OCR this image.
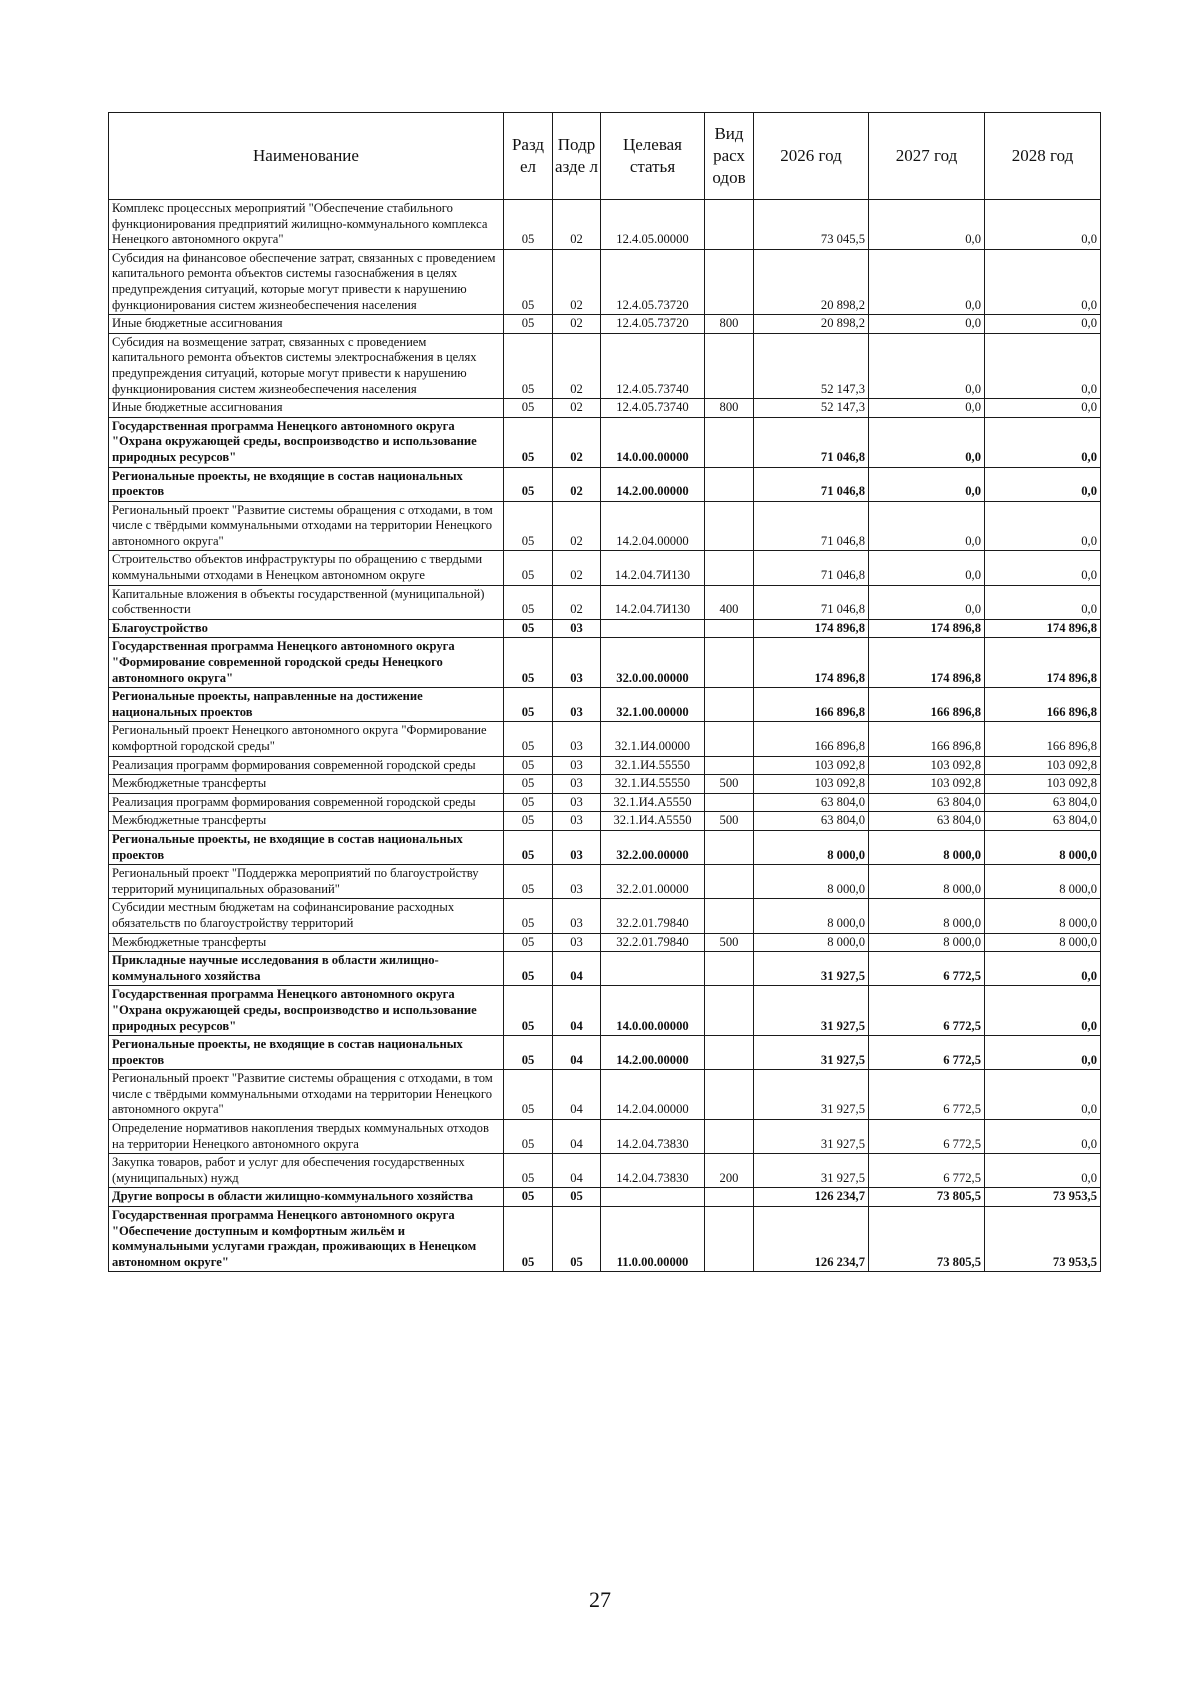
Наименование	Разд ел	Подр азде л	Целевая статья	Вид расх одов	2026 год	2027 год	2028 год
Комплекс процессных мероприятий "Обеспечение стабильного функционирования предприятий жилищно-коммунального комплекса Ненецкого автономного округа"	05	02	12.4.05.00000		73 045,5	0,0	0,0
Субсидия на финансовое обеспечение затрат, связанных с проведением капитального ремонта объектов системы газоснабжения в целях предупреждения ситуаций, которые могут привести к нарушению функционирования систем жизнеобеспечения населения	05	02	12.4.05.73720		20 898,2	0,0	0,0
Иные бюджетные ассигнования	05	02	12.4.05.73720	800	20 898,2	0,0	0,0
Субсидия на возмещение затрат, связанных с проведением капитального ремонта объектов системы электроснабжения в целях предупреждения ситуаций, которые могут привести к нарушению функционирования систем жизнеобеспечения населения	05	02	12.4.05.73740		52 147,3	0,0	0,0
Иные бюджетные ассигнования	05	02	12.4.05.73740	800	52 147,3	0,0	0,0
Государственная программа Ненецкого автономного округа "Охрана окружающей среды, воспроизводство и использование природных ресурсов"	05	02	14.0.00.00000		71 046,8	0,0	0,0
Региональные проекты, не входящие в состав национальных проектов	05	02	14.2.00.00000		71 046,8	0,0	0,0
Региональный проект "Развитие системы обращения с отходами, в том числе с твёрдыми коммунальными отходами на территории Ненецкого автономного округа"	05	02	14.2.04.00000		71 046,8	0,0	0,0
Строительство объектов инфраструктуры по обращению с твердыми коммунальными отходами в Ненецком автономном округе	05	02	14.2.04.7И130		71 046,8	0,0	0,0
Капитальные вложения в объекты государственной (муниципальной) собственности	05	02	14.2.04.7И130	400	71 046,8	0,0	0,0
Благоустройство	05	03			174 896,8	174 896,8	174 896,8
Государственная программа Ненецкого автономного округа "Формирование современной городской среды Ненецкого автономного округа"	05	03	32.0.00.00000		174 896,8	174 896,8	174 896,8
Региональные проекты, направленные на достижение национальных проектов	05	03	32.1.00.00000		166 896,8	166 896,8	166 896,8
Региональный проект Ненецкого автономного округа "Формирование комфортной городской среды"	05	03	32.1.И4.00000		166 896,8	166 896,8	166 896,8
Реализация программ формирования современной городской среды	05	03	32.1.И4.55550		103 092,8	103 092,8	103 092,8
Межбюджетные трансферты	05	03	32.1.И4.55550	500	103 092,8	103 092,8	103 092,8
Реализация программ формирования современной городской среды	05	03	32.1.И4.А5550		63 804,0	63 804,0	63 804,0
Межбюджетные трансферты	05	03	32.1.И4.А5550	500	63 804,0	63 804,0	63 804,0
Региональные проекты, не входящие в состав национальных проектов	05	03	32.2.00.00000		8 000,0	8 000,0	8 000,0
Региональный проект "Поддержка мероприятий по благоустройству территорий муниципальных образований"	05	03	32.2.01.00000		8 000,0	8 000,0	8 000,0
Субсидии местным бюджетам на софинансирование расходных обязательств по благоустройству территорий	05	03	32.2.01.79840		8 000,0	8 000,0	8 000,0
Межбюджетные трансферты	05	03	32.2.01.79840	500	8 000,0	8 000,0	8 000,0
Прикладные научные исследования в области жилищно-коммунального хозяйства	05	04			31 927,5	6 772,5	0,0
Государственная программа Ненецкого автономного округа "Охрана окружающей среды, воспроизводство и использование природных ресурсов"	05	04	14.0.00.00000		31 927,5	6 772,5	0,0
Региональные проекты, не входящие в состав национальных проектов	05	04	14.2.00.00000		31 927,5	6 772,5	0,0
Региональный проект "Развитие системы обращения с отходами, в том числе с твёрдыми коммунальными отходами на территории Ненецкого автономного округа"	05	04	14.2.04.00000		31 927,5	6 772,5	0,0
Определение нормативов накопления твердых коммунальных отходов на территории Ненецкого автономного округа	05	04	14.2.04.73830		31 927,5	6 772,5	0,0
Закупка товаров, работ и услуг для обеспечения государственных (муниципальных) нужд	05	04	14.2.04.73830	200	31 927,5	6 772,5	0,0
Другие вопросы в области жилищно-коммунального хозяйства	05	05			126 234,7	73 805,5	73 953,5
Государственная программа Ненецкого автономного округа "Обеспечение доступным и комфортным жильём и коммунальными услугами граждан, проживающих в Ненецком автономном округе"	05	05	11.0.00.00000		126 234,7	73 805,5	73 953,5
27
